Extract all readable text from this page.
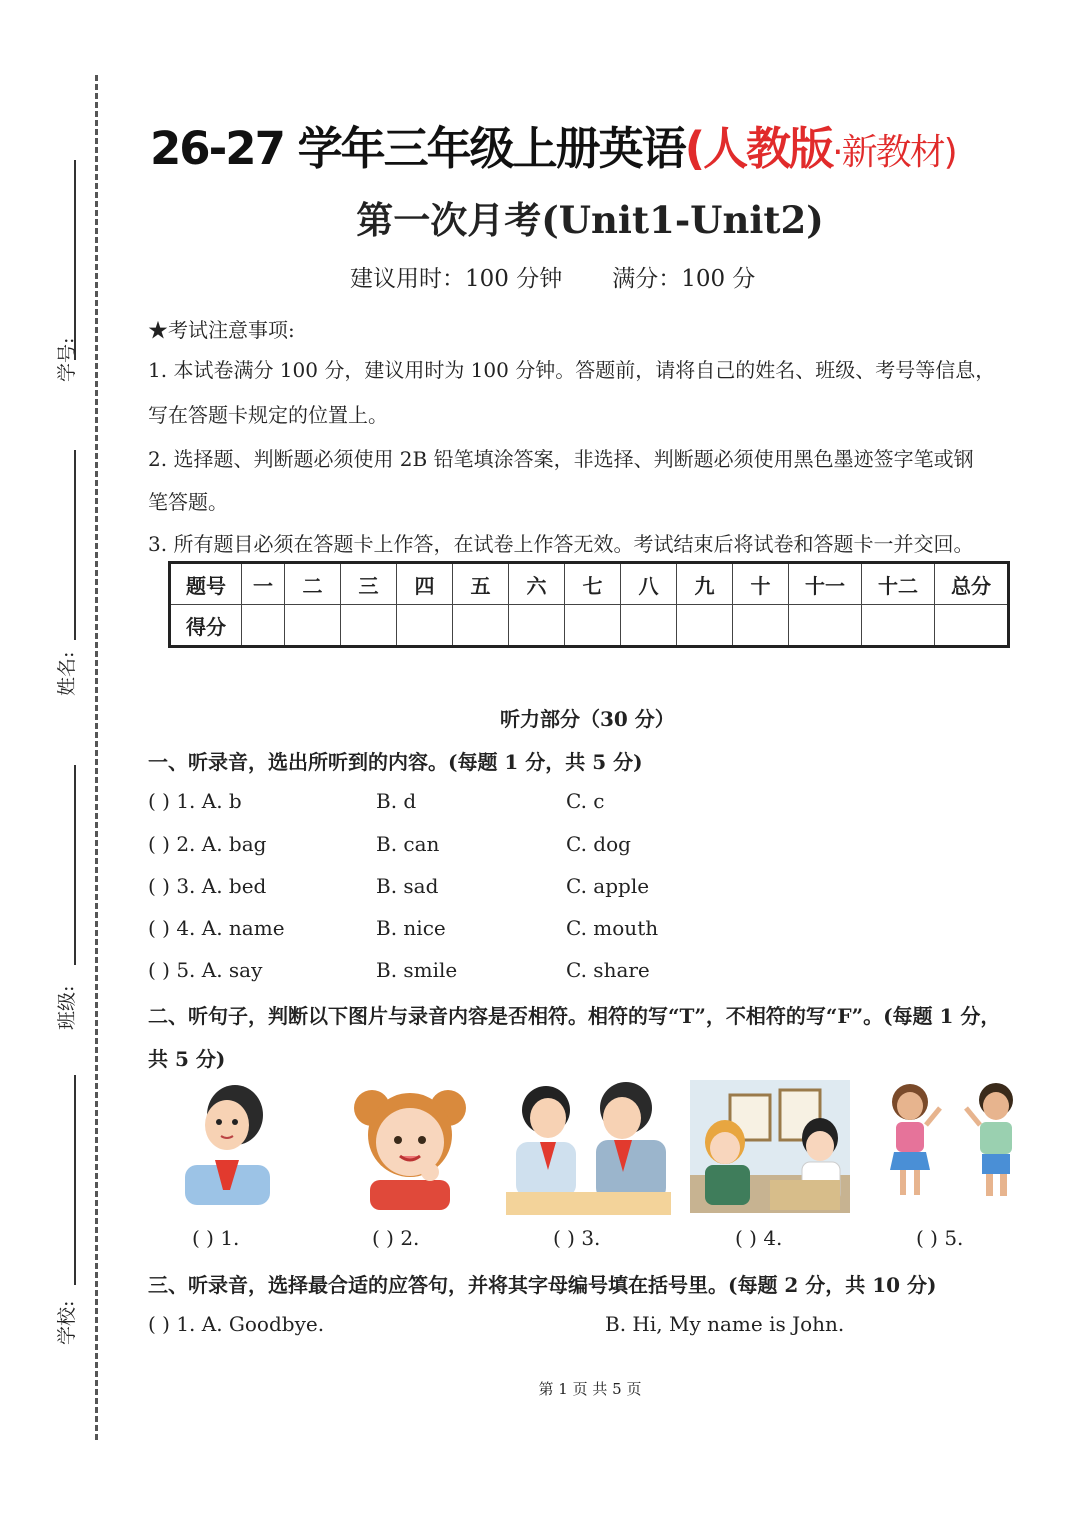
学号:
姓名:
班级:
学校:
26-27 学年三年级上册英语(人教版·新教材)
第一次月考(Unit1-Unit2)
建议用时：100 分钟 满分：100 分
★考试注意事项:
1. 本试卷满分 100 分，建议用时为 100 分钟。答题前，请将自己的姓名、班级、考号等信息，
写在答题卡规定的位置上。
2. 选择题、判断题必须使用 2B 铅笔填涂答案，非选择、判断题必须使用黑色墨迹签字笔或钢
笔答题。
3. 所有题目必须在答题卡上作答，在试卷上作答无效。考试结束后将试卷和答题卡一并交回。
题号	一	二	三	四	五	六	七	八	九	十	十一	十二	总分
得分													
听力部分（30 分）
一、听录音，选出所听到的内容。(每题 1 分，共 5 分)
( ) 1. A. b	B. d	C. c
( ) 2. A. bag	B. can	C. dog
( ) 3. A. bed	B. sad	C. apple
( ) 4. A. name	B. nice	C. mouth
( ) 5. A. say	B. smile	C. share
二、听句子，判断以下图片与录音内容是否相符。相符的写“T”，不相符的写“F”。(每题 1 分，
共 5 分)
( ) 1.	( ) 2.	( ) 3.	( ) 4.	( ) 5.
三、听录音，选择最合适的应答句，并将其字母编号填在括号里。(每题 2 分，共 10 分)
( ) 1. A. Goodbye.	B. Hi, My name is John.
第 1 页 共 5 页
